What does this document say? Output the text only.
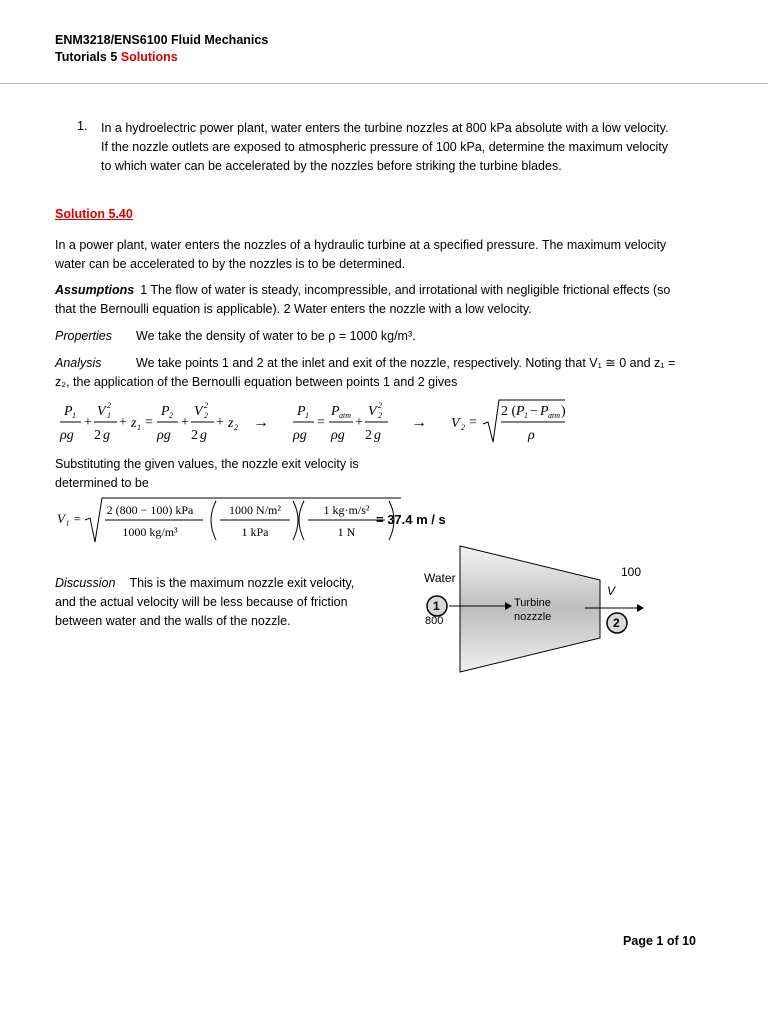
ENM3218/ENS6100 Fluid Mechanics
Tutorials 5 Solutions
1. In a hydroelectric power plant, water enters the turbine nozzles at 800 kPa absolute with a low velocity.
If the nozzle outlets are exposed to atmospheric pressure of 100 kPa, determine the maximum velocity
to which water can be accelerated by the nozzles before striking the turbine blades.
Solution 5.40
In a power plant, water enters the nozzles of a hydraulic turbine at a specified pressure. The maximum velocity
water can be accelerated to by the nozzles is to be determined.
Assumptions 1 The flow of water is steady, incompressible, and irrotational with negligible frictional effects (so
that the Bernoulli equation is applicable). 2 Water enters the nozzle with a low velocity.
Properties We take the density of water to be ρ = 1000 kg/m³.
Analysis	We take points 1 and 2 at the inlet and exit of the nozzle, respectively. Noting that V₁ ≅ 0 and z₁ =
z₂, the application of the Bernoulli equation between points 1 and 2 gives
P 1
ρg
+
V 1
2
2 g
+ z 1 =
P 2
ρg
+
V 2
2
2 g
+ z 2 →
P 1
ρg
=
P atm
ρg
+
V 2
2
2 g
→ V 2 =
2 ( P 1 − P atm )
ρ
Substituting the given values, the nozzle exit velocity is
determined to be
V₁ =
2 (800 − 100) kPa
1000 kg/m³
1000 N/m²
1 kPa
1 kg·m/s²
1 N
= 37.4 m / s
Discussion This is the maximum nozzle exit velocity,
and the actual velocity will be less because of friction
between water and the walls of the nozzle.
Water
1
800
Turbine
nozzzle
100
V
2
Page 1 of 10
